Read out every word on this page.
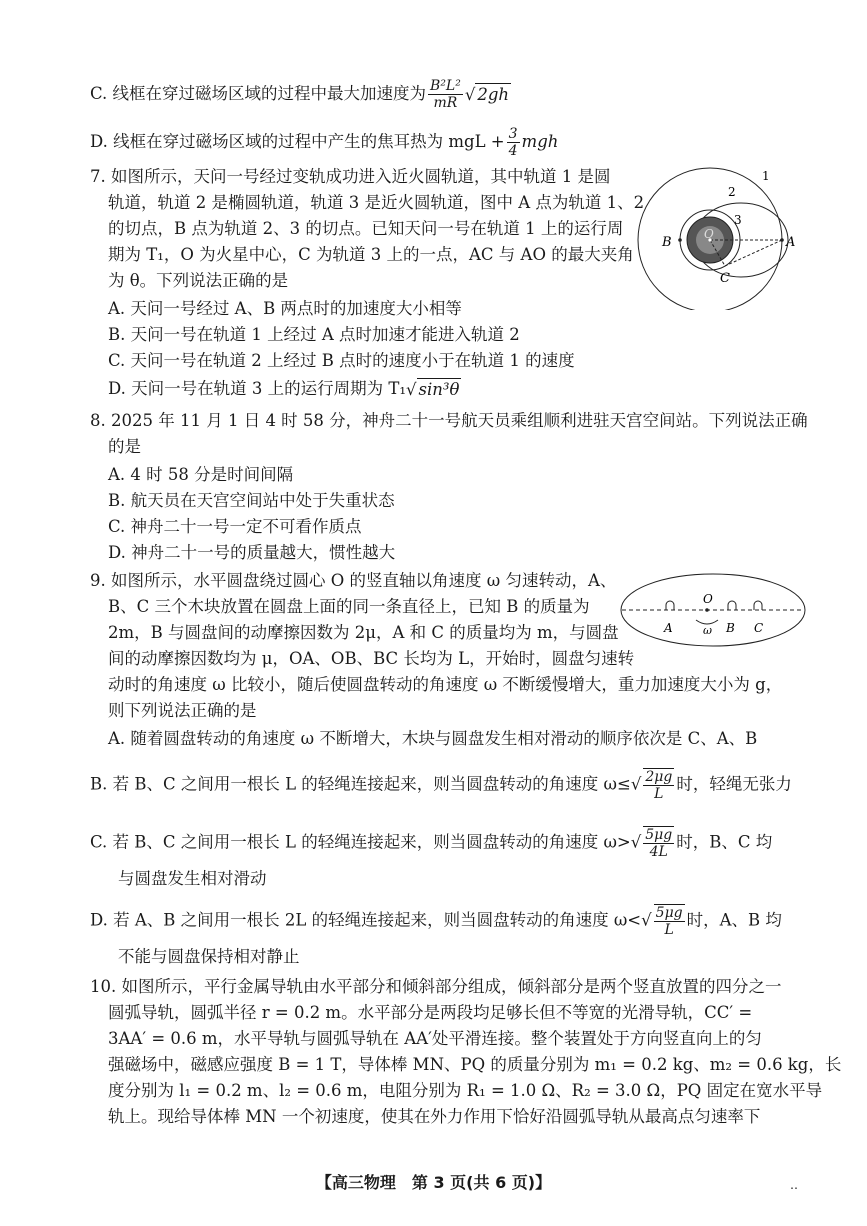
C. 线框在穿过磁场区域的过程中最大加速度为 $\frac{\text{B²L²}}{mR}$ √ 2gh
D. 线框在穿过磁场区域的过程中产生的焦耳热为 mgL + $\frac{3}{4}$ mgh
7. 如图所示，天问一号经过变轨成功进入近火圆轨道，其中轨道 1 是圆
轨道，轨道 2 是椭圆轨道，轨道 3 是近火圆轨道，图中 A 点为轨道 1、2
的切点，B 点为轨道 2、3 的切点。已知天问一号在轨道 1 上的运行周
期为 T₁，O 为火星中心，C 为轨道 3 上的一点，AC 与 AO 的最大夹角
为 θ。下列说法正确的是
A. 天问一号经过 A、B 两点时的加速度大小相等
B. 天问一号在轨道 1 上经过 A 点时加速才能进入轨道 2
C. 天问一号在轨道 2 上经过 B 点时的速度小于在轨道 1 的速度
D. 天问一号在轨道 3 上的运行周期为 T₁√ sin³θ
1
2
3
A
B
C
O
8. 2025 年 11 月 1 日 4 时 58 分，神舟二十一号航天员乘组顺利进驻天宫空间站。下列说法正确
的是
A. 4 时 58 分是时间间隔
B. 航天员在天宫空间站中处于失重状态
C. 神舟二十一号一定不可看作质点
D. 神舟二十一号的质量越大，惯性越大
9. 如图所示，水平圆盘绕过圆心 O 的竖直轴以角速度 ω 匀速转动，A、
B、C 三个木块放置在圆盘上面的同一条直径上，已知 B 的质量为
2m，B 与圆盘间的动摩擦因数为 2μ，A 和 C 的质量均为 m，与圆盘
间的动摩擦因数均为 μ，OA、OB、BC 长均为 L，开始时，圆盘匀速转
动时的角速度 ω 比较小，随后使圆盘转动的角速度 ω 不断缓慢增大，重力加速度大小为 g，
则下列说法正确的是
A. 随着圆盘转动的角速度 ω 不断增大，木块与圆盘发生相对滑动的顺序依次是 C、A、B
B. 若 B、C 之间用一根长 L 的轻绳连接起来，则当圆盘转动的角速度 $\omega\le√ \frac{2\mu g}{L}$ 时，轻绳无张力
C. 若 B、C 之间用一根长 L 的轻绳连接起来，则当圆盘转动的角速度 $\omega>√ \frac{5\mu g}{4L}$ 时，B、C 均
与圆盘发生相对滑动
D. 若 A、B 之间用一根长 2L 的轻绳连接起来，则当圆盘转动的角速度 $\omega<√ \frac{5\mu g}{L}$ 时，A、B 均
不能与圆盘保持相对静止
O
A	ω B C
10. 如图所示，平行金属导轨由水平部分和倾斜部分组成，倾斜部分是两个竖直放置的四分之一
圆弧导轨，圆弧半径 r = 0.2 m。水平部分是两段均足够长但不等宽的光滑导轨，CC′ =
3AA′ = 0.6 m，水平导轨与圆弧导轨在 AA′处平滑连接。整个装置处于方向竖直向上的匀
强磁场中，磁感应强度 B = 1 T，导体棒 MN、PQ 的质量分别为 m₁ = 0.2 kg、m₂ = 0.6 kg，长
度分别为 l₁ = 0.2 m、l₂ = 0.6 m，电阻分别为 R₁ = 1.0 Ω、R₂ = 3.0 Ω，PQ 固定在宽水平导
轨上。现给导体棒 MN 一个初速度，使其在外力作用下恰好沿圆弧导轨从最高点匀速率下
【高三物理　第 3 页(共 6 页)】	‥
